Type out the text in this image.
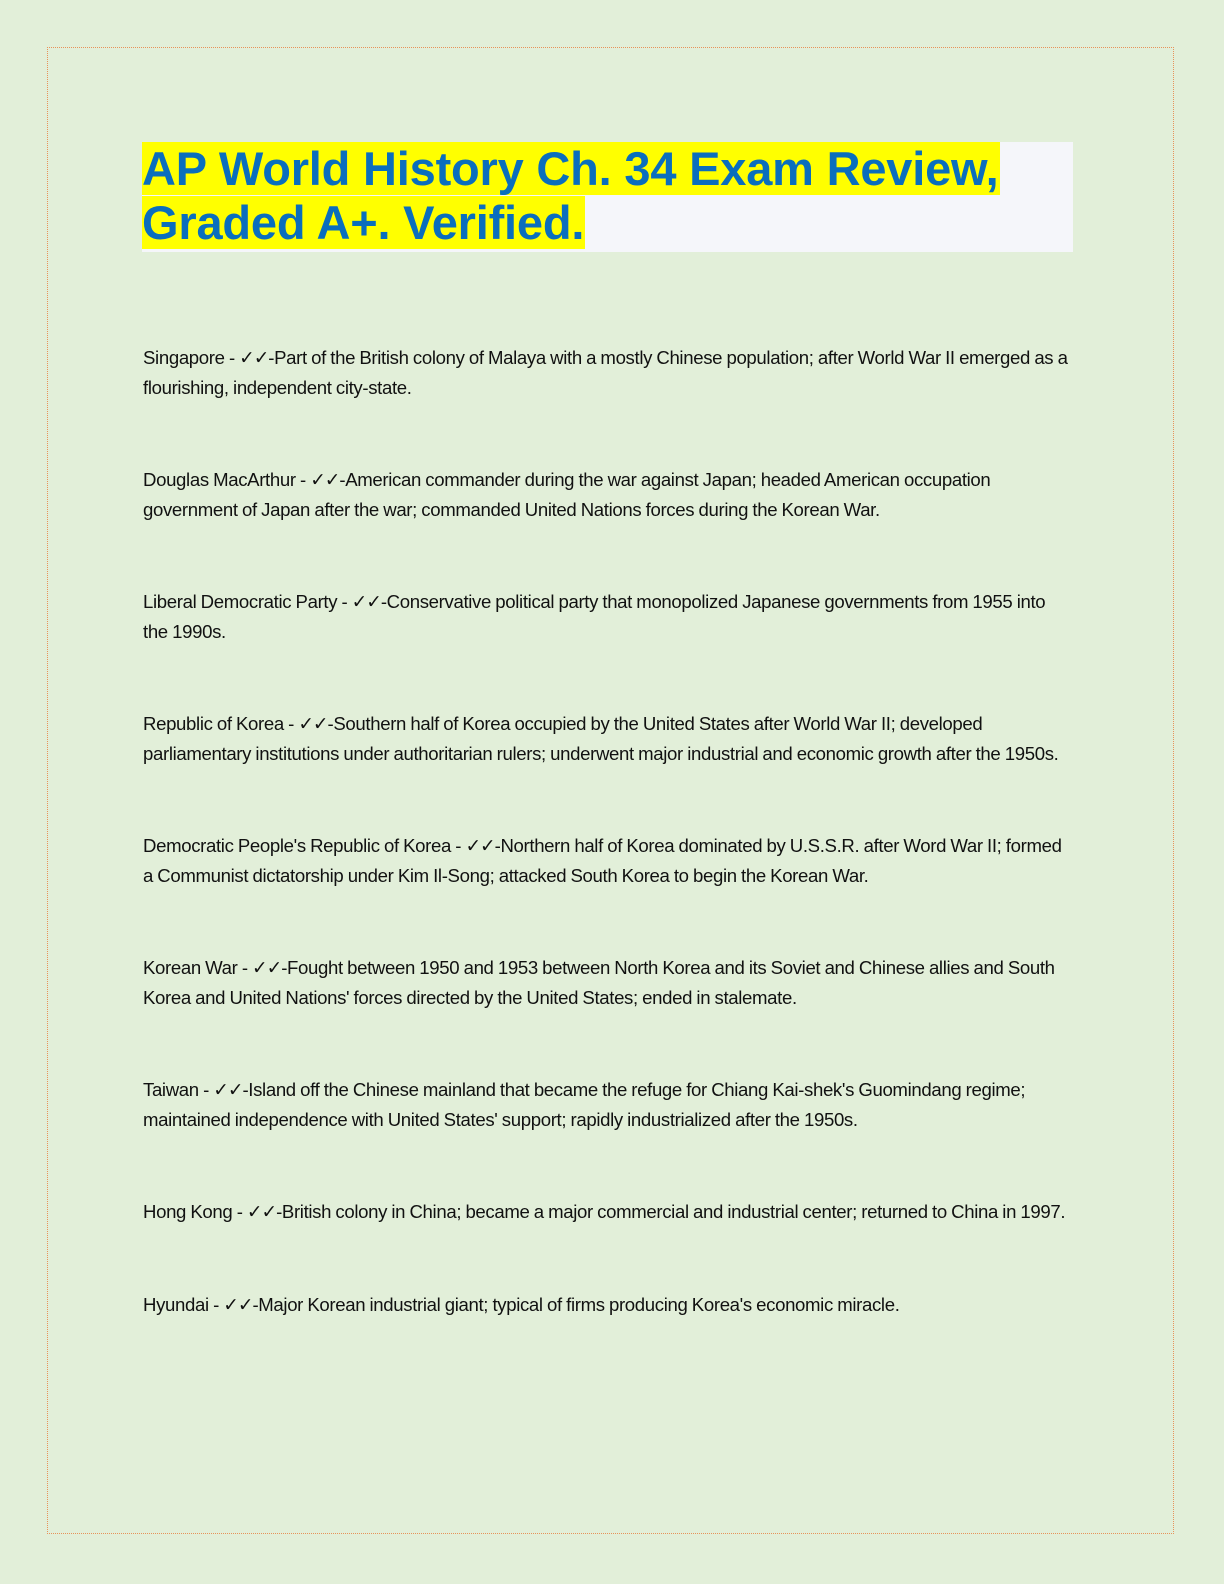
AP World History Ch. 34 Exam Review,
Graded A+. Verified.

Singapore - ✓✓-Part of the British colony of Malaya with a mostly Chinese population; after World War II emerged as a flourishing, independent city-state.

Douglas MacArthur - ✓✓-American commander during the war against Japan; headed American occupation government of Japan after the war; commanded United Nations forces during the Korean War.

Liberal Democratic Party - ✓✓-Conservative political party that monopolized Japanese governments from 1955 into the 1990s.

Republic of Korea - ✓✓-Southern half of Korea occupied by the United States after World War II; developed parliamentary institutions under authoritarian rulers; underwent major industrial and economic growth after the 1950s.

Democratic People's Republic of Korea - ✓✓-Northern half of Korea dominated by U.S.S.R. after Word War II; formed a Communist dictatorship under Kim Il-Song; attacked South Korea to begin the Korean War.

Korean War - ✓✓-Fought between 1950 and 1953 between North Korea and its Soviet and Chinese allies and South Korea and United Nations' forces directed by the United States; ended in stalemate.

Taiwan - ✓✓-Island off the Chinese mainland that became the refuge for Chiang Kai-shek's Guomindang regime; maintained independence with United States' support; rapidly industrialized after the 1950s.

Hong Kong - ✓✓-British colony in China; became a major commercial and industrial center; returned to China in 1997.

Hyundai - ✓✓-Major Korean industrial giant; typical of firms producing Korea's economic miracle.
